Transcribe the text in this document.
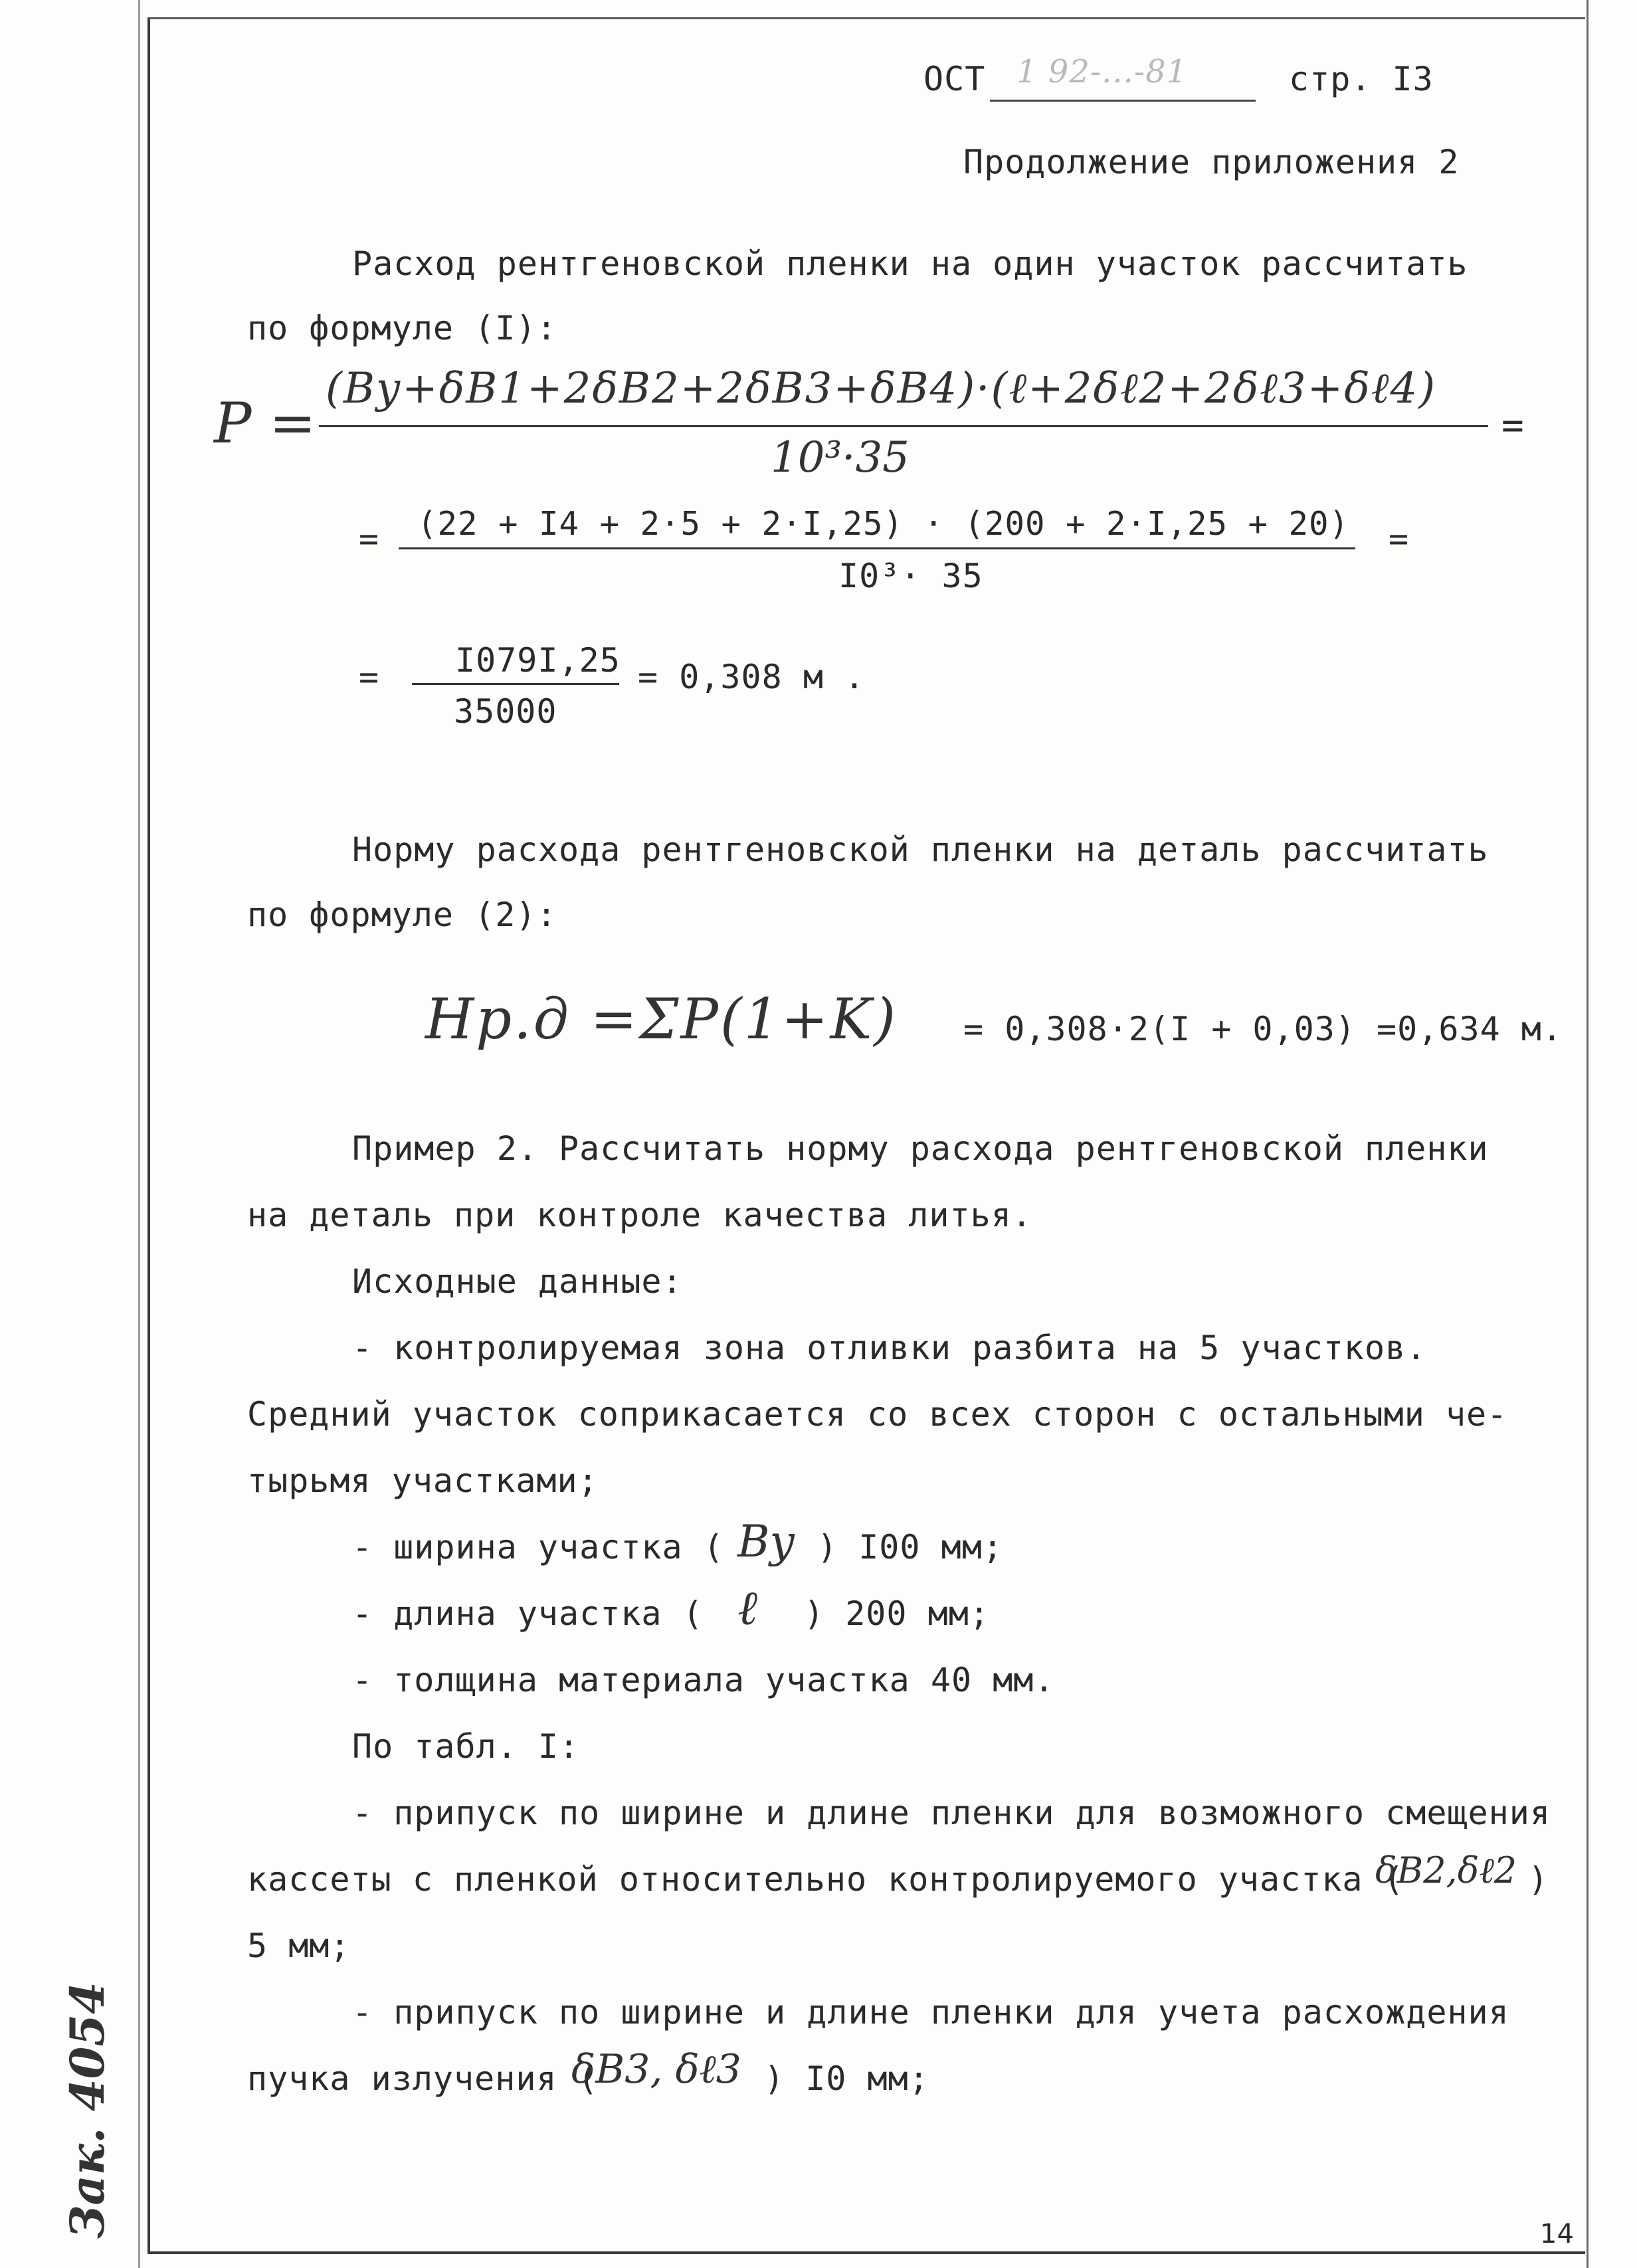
ОСТ 1 92-...-81	стр. I3
Продолжение приложения 2
Расход рентгеновской пленки на один участок рассчитать
по формуле (I):
P =
(Bу+δB1+2δB2+2δB3+δB4)·(ℓ+2δℓ2+2δℓ3+δℓ4)
10³·35
=
= (22 + I4 + 2·5 + 2·I,25) · (200 + 2·I,25 + 20)
I0³· 35
=
= I079I,25
35000
= 0,308 м .
Норму расхода рентгеновской пленки на деталь рассчитать
по формуле (2):
Нр.д =ΣP(1+K) = 0,308·2(I + 0,03) =0,634 м.
Пример 2. Рассчитать норму расхода рентгеновской пленки
на деталь при контроле качества литья.
Исходные данные:
- контролируемая зона отливки разбита на 5 участков.
Средний участок соприкасается со всех сторон с остальными че-
тырьмя участками;
- ширина участка ( Bу ) I00 мм;
- длина участка ( ℓ ) 200 мм;
- толщина материала участка 40 мм.
По табл. I:
- припуск по ширине и длине пленки для возможного смещения
кассеты с пленкой относительно контролируемого участка (
δB2,δℓ2 )
5 мм;
- припуск по ширине и длине пленки для учета расхождения
пучка излучения (
δB3, δℓ3 ) I0 мм;
Зак. 4054	14
